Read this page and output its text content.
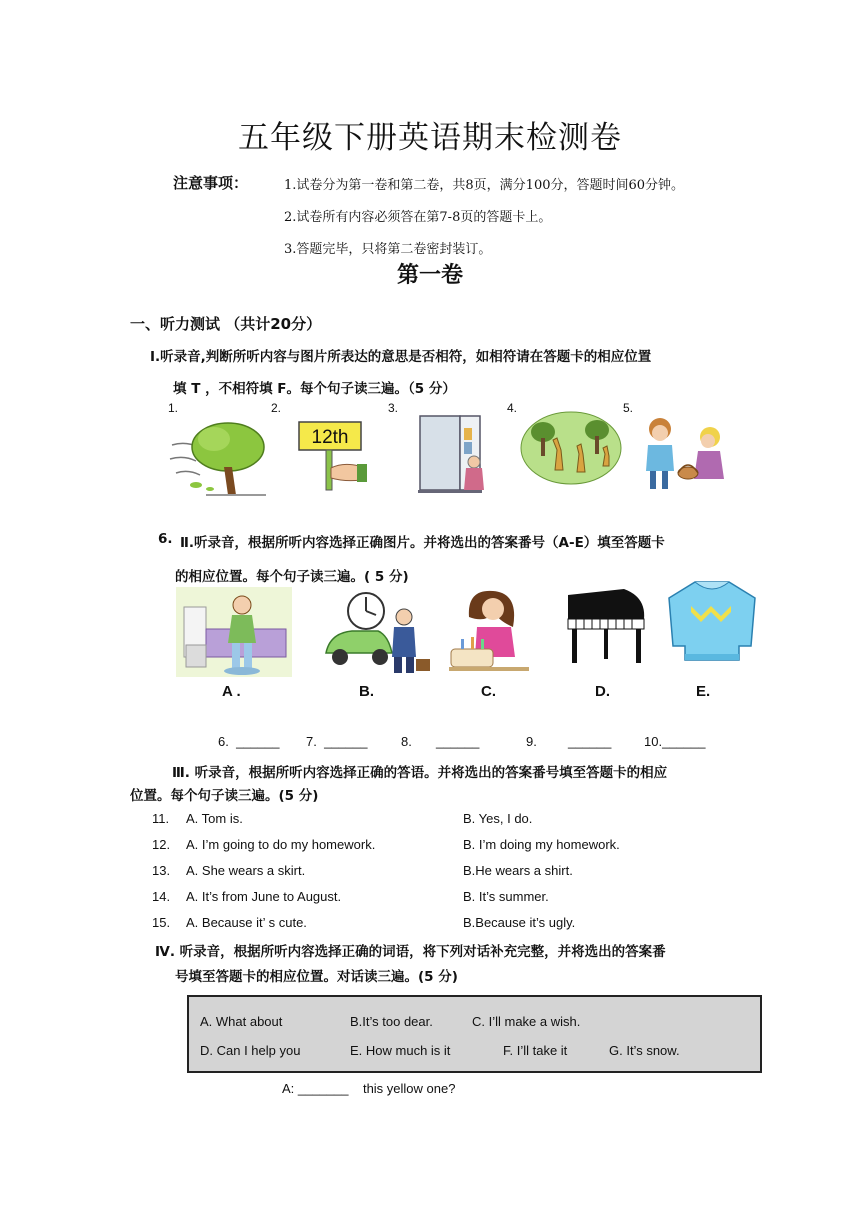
五年级下册英语期末检测卷
注意事项：	1.试卷分为第一卷和第二卷，共8页，满分100分，答题时间60分钟。
2.试卷所有内容必须答在第7-8页的答题卡上。
3.答题完毕，只将第二卷密封装订。
第一卷
一、听力测试 （共计20分）
Ⅰ.听录音,判断所听内容与图片所表达的意思是否相符，如相符请在答题卡的相应位置
填 T ，不相符填 F。每个句子读三遍。（5 分）
1.	2.	3.	4.	5.
12th
6. Ⅱ.听录音，根据所听内容选择正确图片。并将选出的答案番号（A-E）填至答题卡
的相应位置。每个句子读三遍。( 5 分)
A .	B.	C.	D.	E.
6.  ______ 7.  ______	8. ______	9. ______	10.______
Ⅲ. 听录音，根据所听内容选择正确的答语。并将选出的答案番号填至答题卡的相应
位置。每个句子读三遍。(5 分)
11. A. Tom is.	B. Yes, I do.
12. A. I’m going to do my homework.	B. I’m doing my homework.
13. A. She wears a skirt.	B.He wears a shirt.
14. A. It’s from June to August.	B. It’s summer.
15. A. Because it’ s cute.	B.Because it’s ugly.
Ⅳ. 听录音，根据所听内容选择正确的词语，将下列对话补充完整，并将选出的答案番
号填至答题卡的相应位置。对话读三遍。(5 分)
A. What about	B.It’s too dear.	C. I’ll make a wish.
D. Can I help you	E. How much is it	F. I’ll take it	G. It’s snow.
A: _______    this yellow one?
